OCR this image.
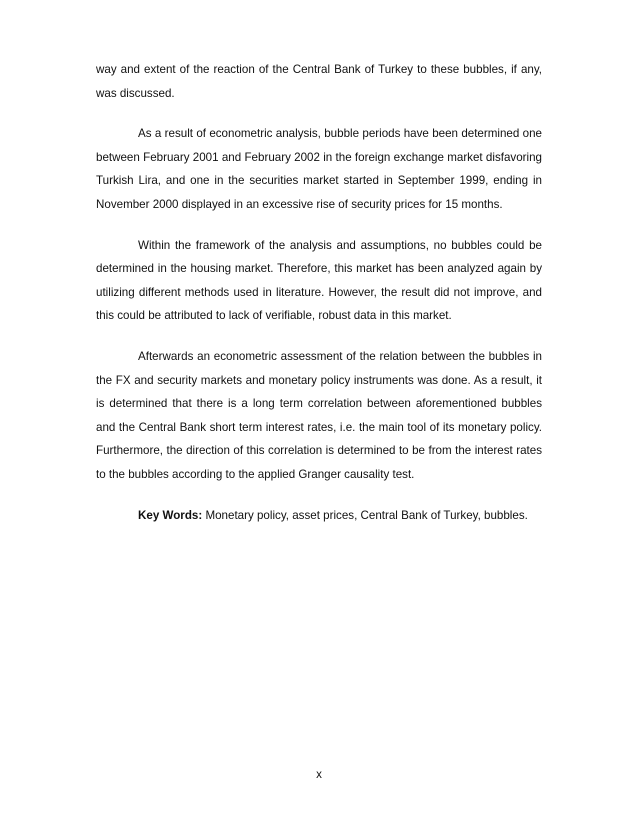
way and extent of the reaction of the Central Bank of Turkey to these bubbles, if any, was discussed.

As a result of econometric analysis, bubble periods have been determined one between February 2001 and February 2002 in the foreign exchange market disfavoring Turkish Lira, and one in the securities market started in September 1999, ending in November 2000 displayed in an excessive rise of security prices for 15 months.

Within the framework of the analysis and assumptions, no bubbles could be determined in the housing market. Therefore, this market has been analyzed again by utilizing different methods used in literature. However, the result did not improve, and this could be attributed to lack of verifiable, robust data in this market.

Afterwards an econometric assessment of the relation between the bubbles in the FX and security markets and monetary policy instruments was done. As a result, it is determined that there is a long term correlation between aforementioned bubbles and the Central Bank short term interest rates, i.e. the main tool of its monetary policy. Furthermore, the direction of this correlation is determined to be from the interest rates to the bubbles according to the applied Granger causality test.

Key Words: Monetary policy, asset prices, Central Bank of Turkey, bubbles.

x
